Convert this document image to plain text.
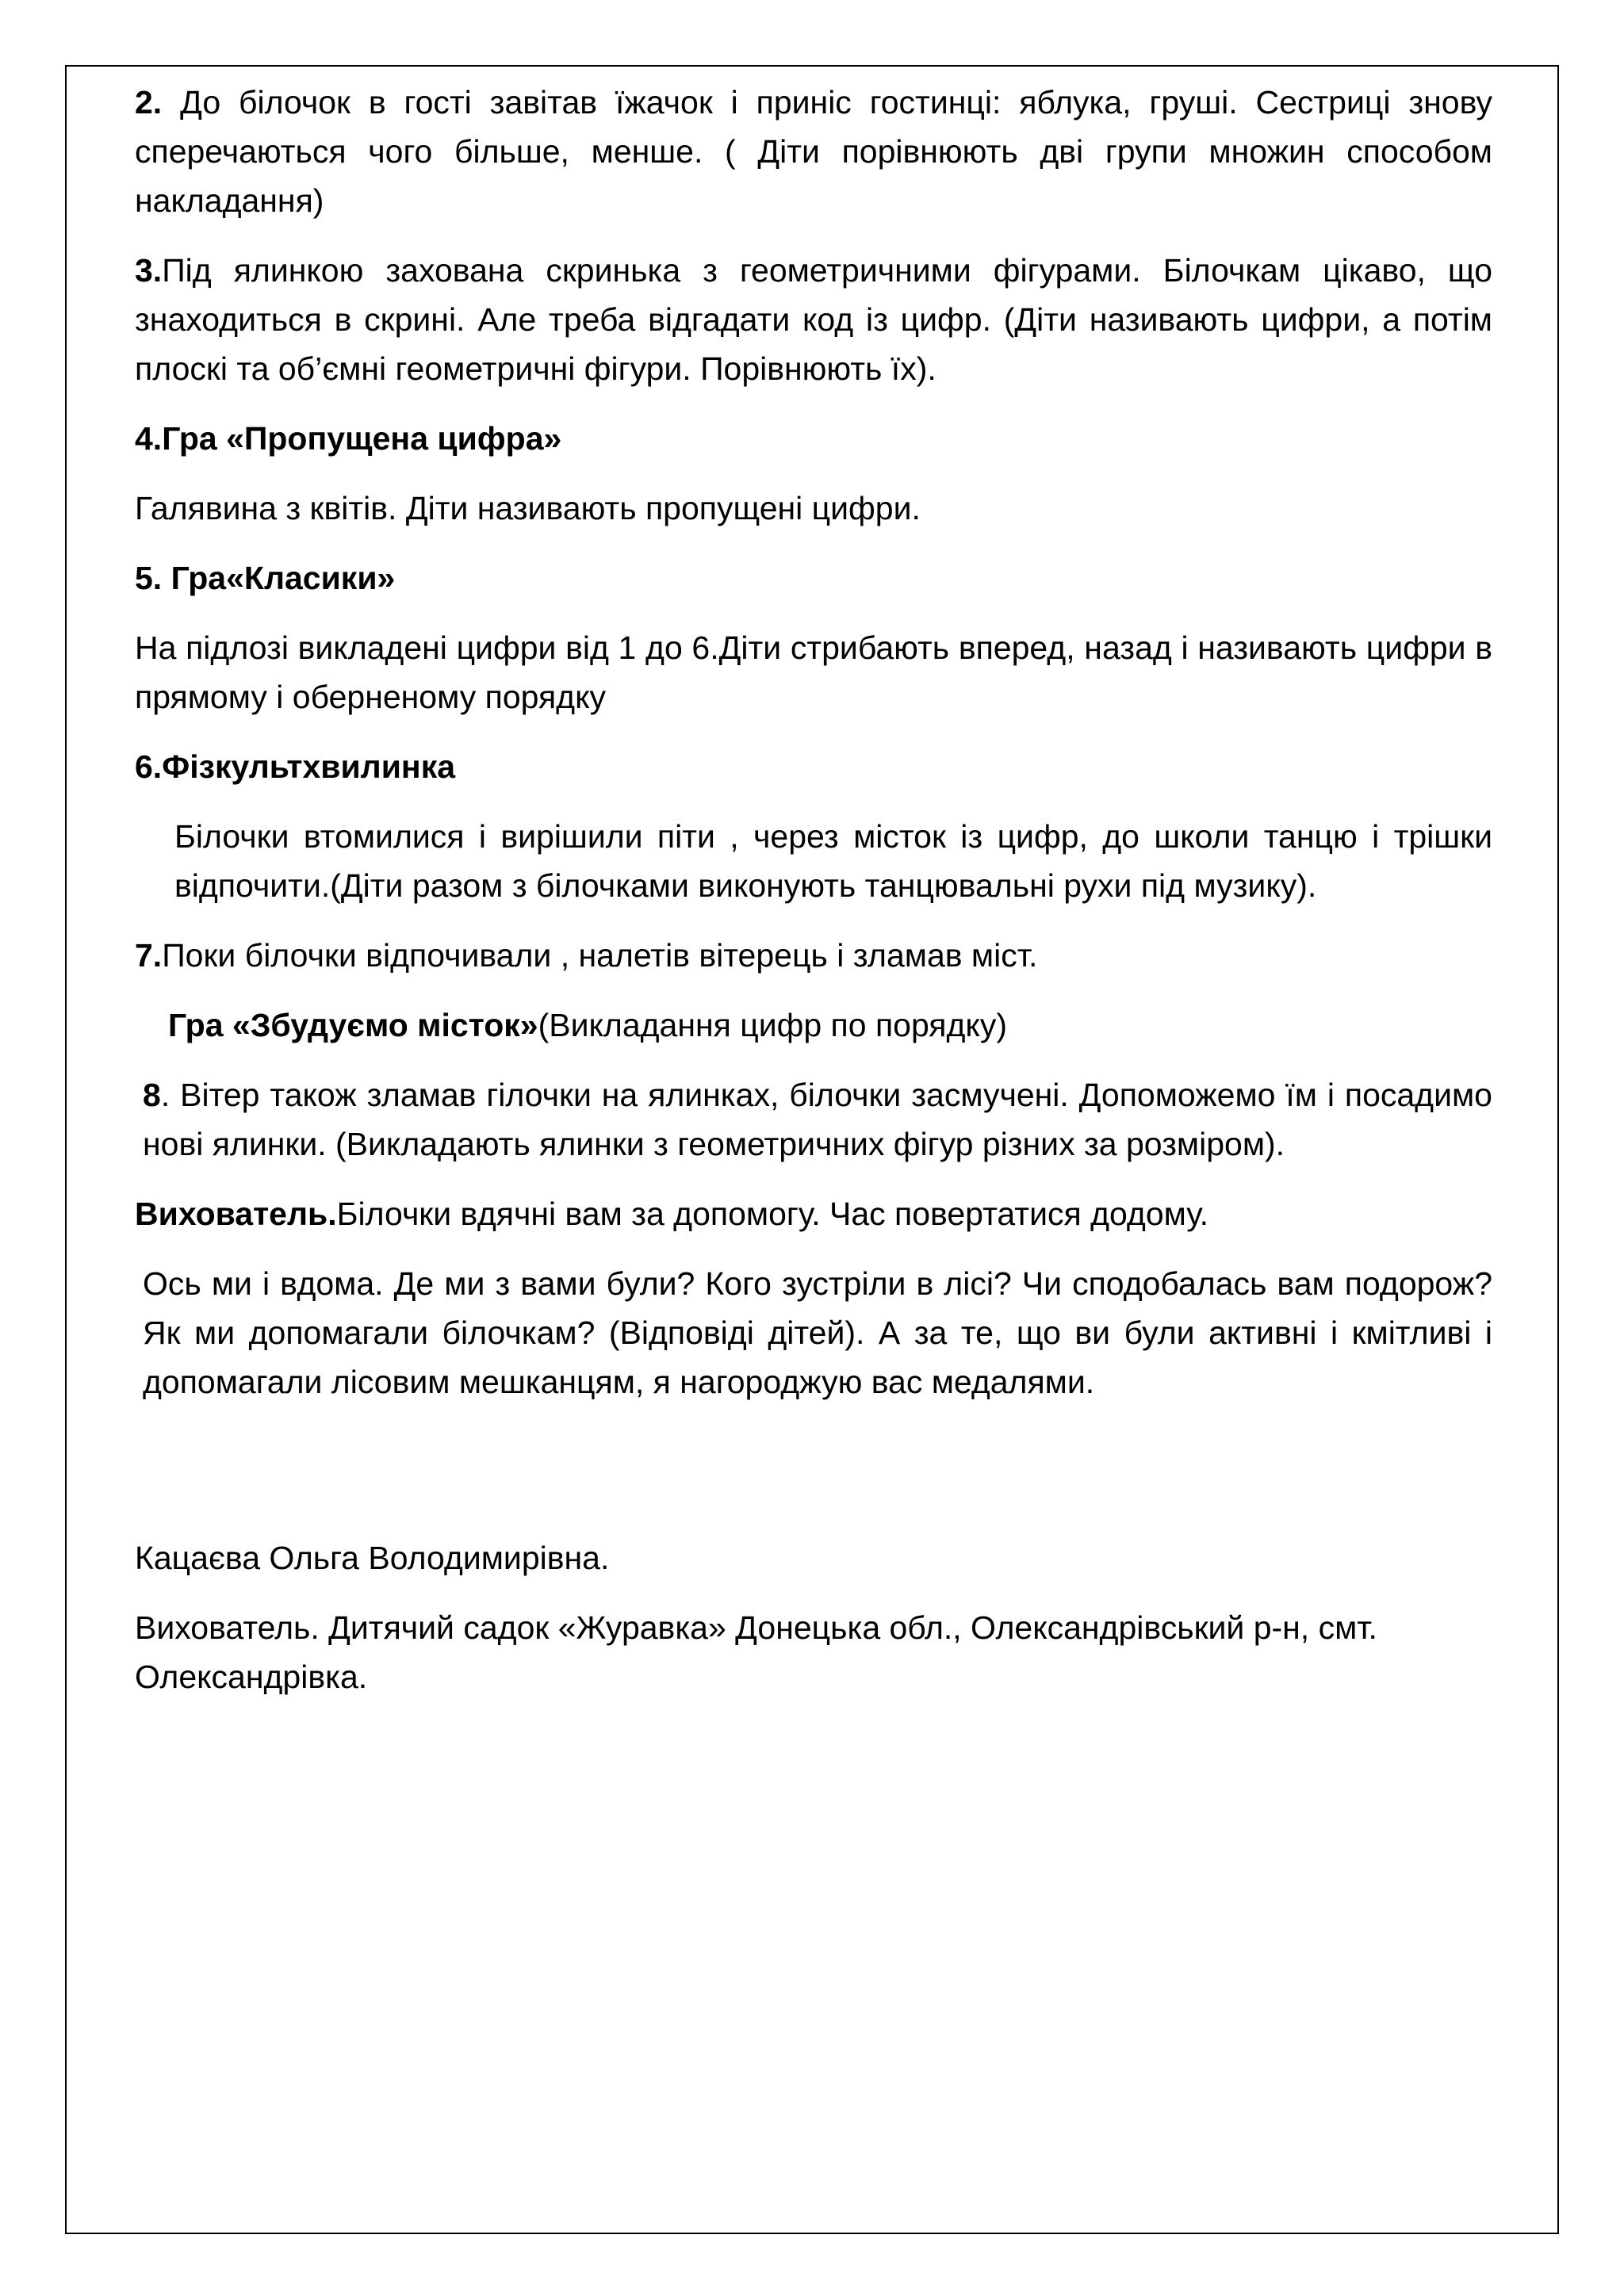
2. До білочок в гості завітав їжачок і приніс гостинці: яблука, груші. Сестриці знову сперечаються чого більше, менше. ( Діти порівнюють дві групи множин способом накладання)

3.Під ялинкою захована скринька з геометричними фігурами. Білочкам цікаво, що знаходиться в скрині. Але треба відгадати код із цифр. (Діти називають цифри, а потім плоскі та об’ємні геометричні фігури. Порівнюють їх).

4.Гра «Пропущена цифра»

Галявина з квітів. Діти називають пропущені цифри.

5. Гра«Класики»

На підлозі викладені цифри від 1 до 6.Діти стрибають вперед, назад і називають цифри в прямому і оберненому порядку

6.Фізкультхвилинка

Білочки втомилися і вирішили піти , через місток із цифр, до школи танцю і трішки відпочити.(Діти разом з білочками виконують танцювальні рухи під музику).

7.Поки білочки відпочивали , налетів вітерець і зламав міст.

Гра «Збудуємо місток»(Викладання цифр по порядку)

8. Вітер також зламав гілочки на ялинках, білочки засмучені. Допоможемо їм і посадимо нові ялинки. (Викладають ялинки з геометричних фігур різних за розміром).

Вихователь.Білочки вдячні вам за допомогу. Час повертатися додому.

Ось ми і вдома. Де ми з вами були? Кого зустріли в лісі? Чи сподобалась вам подорож? Як ми допомагали білочкам? (Відповіді дітей). А за те, що ви були активні і кмітливі і допомагали лісовим мешканцям, я нагороджую вас медалями.

Кацаєва Ольга Володимирівна.

Вихователь. Дитячий садок «Журавка» Донецька обл., Олександрівський р-н, смт. Олександрівка.
